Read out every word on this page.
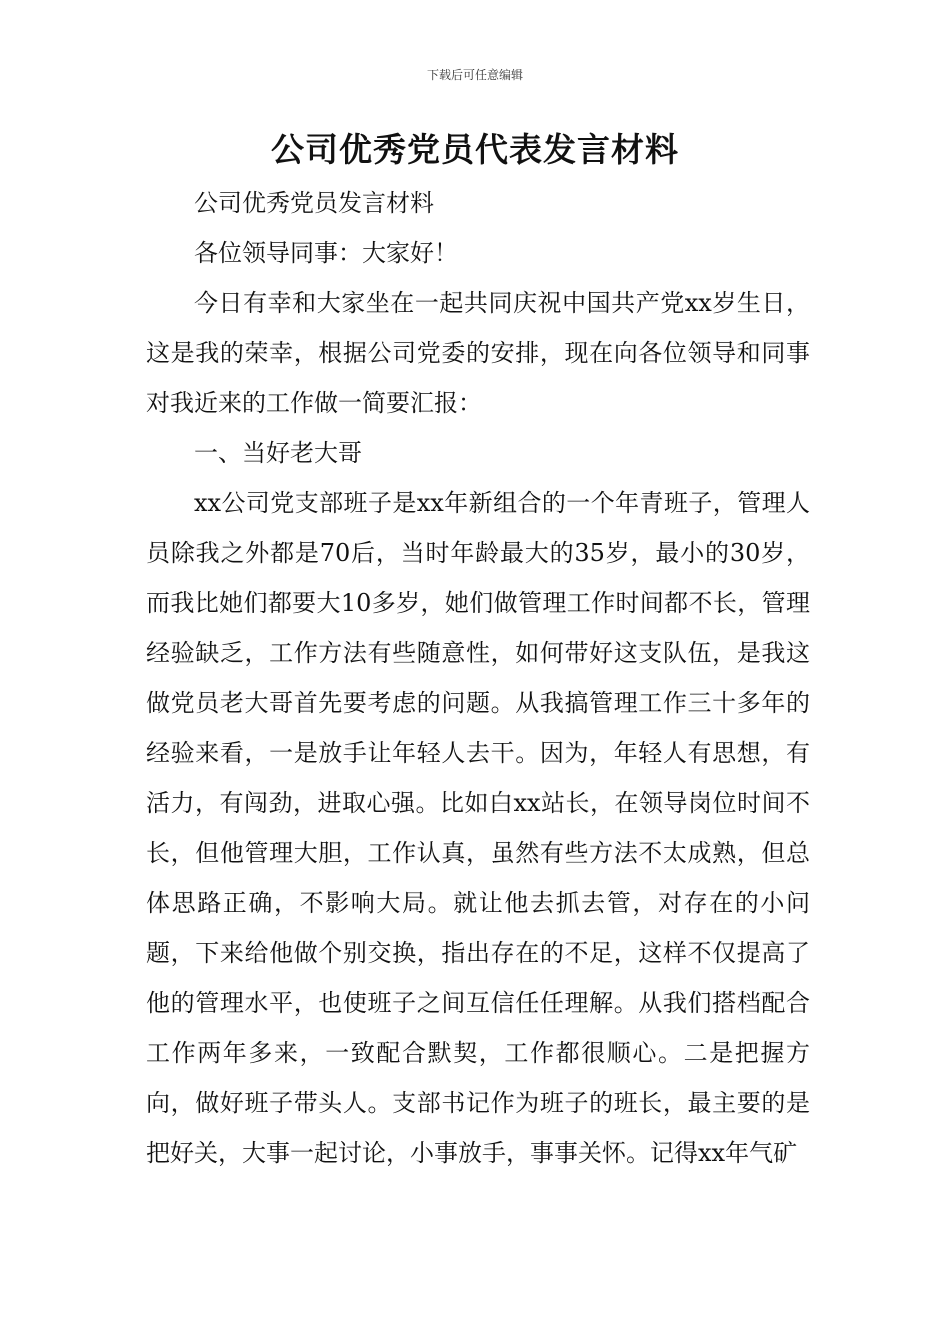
下载后可任意编辑
公司优秀党员代表发言材料

公司优秀党员发言材料

各位领导同事：大家好！

今日有幸和大家坐在一起共同庆祝中国共产党xx岁生日，这是我的荣幸，根据公司党委的安排，现在向各位领导和同事对我近来的工作做一简要汇报：

一、当好老大哥

xx公司党支部班子是xx年新组合的一个年青班子，管理人员除我之外都是70后，当时年龄最大的35岁，最小的30岁，而我比她们都要大10多岁，她们做管理工作时间都不长，管理经验缺乏，工作方法有些随意性，如何带好这支队伍，是我这做党员老大哥首先要考虑的问题。从我搞管理工作三十多年的经验来看，一是放手让年轻人去干。因为，年轻人有思想，有活力，有闯劲，进取心强。比如白xx站长，在领导岗位时间不长，但他管理大胆，工作认真，虽然有些方法不太成熟，但总体思路正确，不影响大局。就让他去抓去管，对存在的小问题，下来给他做个别交换，指出存在的不足，这样不仅提高了他的管理水平，也使班子之间互信任任理解。从我们搭档配合工作两年多来，一致配合默契，工作都很顺心。二是把握方向，做好班子带头人。支部书记作为班子的班长，最主要的是把好关，大事一起讨论，小事放手，事事关怀。记得xx年气矿
